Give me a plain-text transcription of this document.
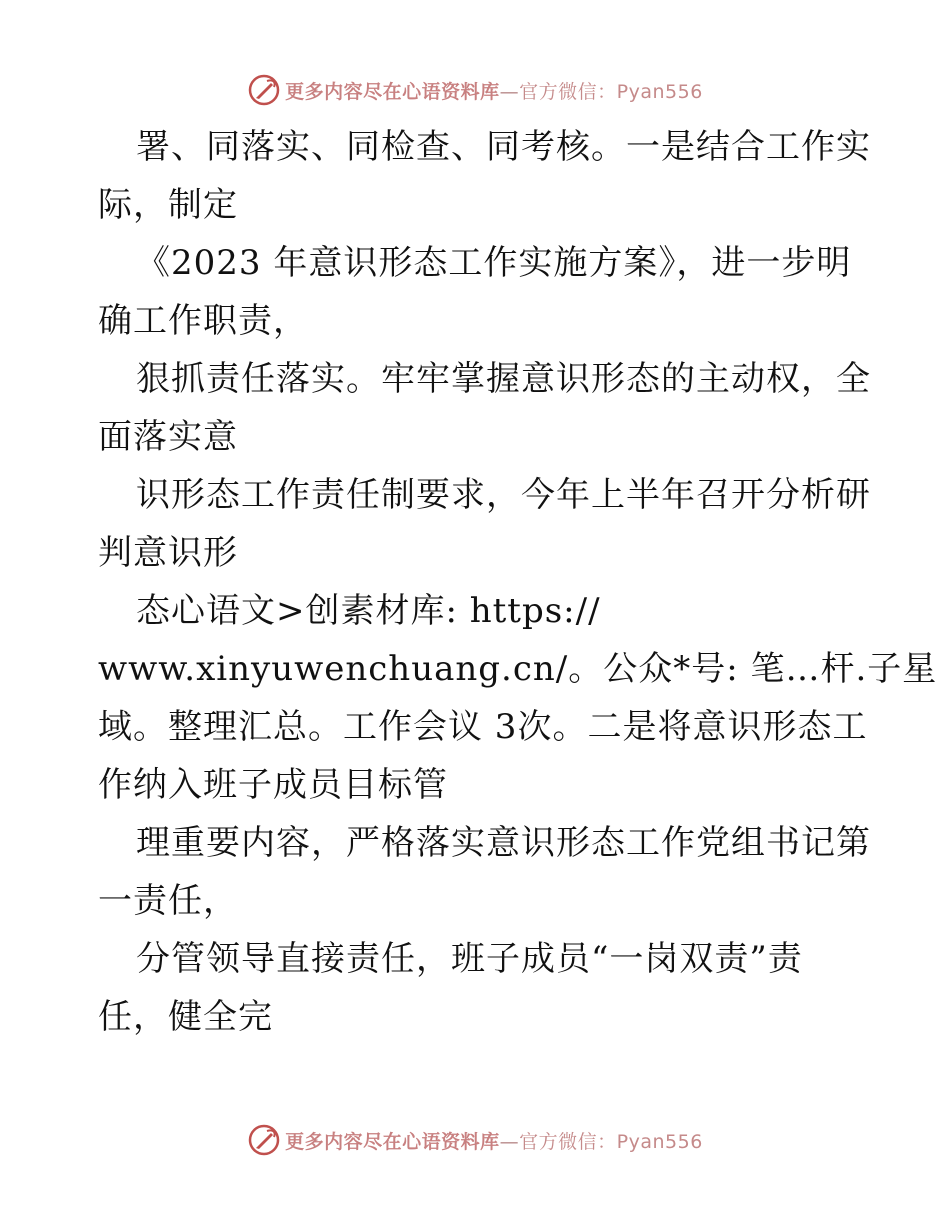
更多内容尽在心语资料库—官方微信：Pyan556
署、同落实、同检查、同考核。一是结合工作实
际，制定
《2023 年意识形态工作实施方案》，进一步明
确工作职责，
狠抓责任落实。牢牢掌握意识形态的主动权，全
面落实意
识形态工作责任制要求，今年上半年召开分析研
判意识形
态心语文>创素材库: https://
www.xinyuwenchuang.cn/。公众*号: 笔…杆.子星
域。整理汇总。工作会议 3次。二是将意识形态工
作纳入班子成员目标管
理重要内容，严格落实意识形态工作党组书记第
一责任，
分管领导直接责任，班子成员“一岗双责”责
任，健全完
更多内容尽在心语资料库—官方微信：Pyan556
